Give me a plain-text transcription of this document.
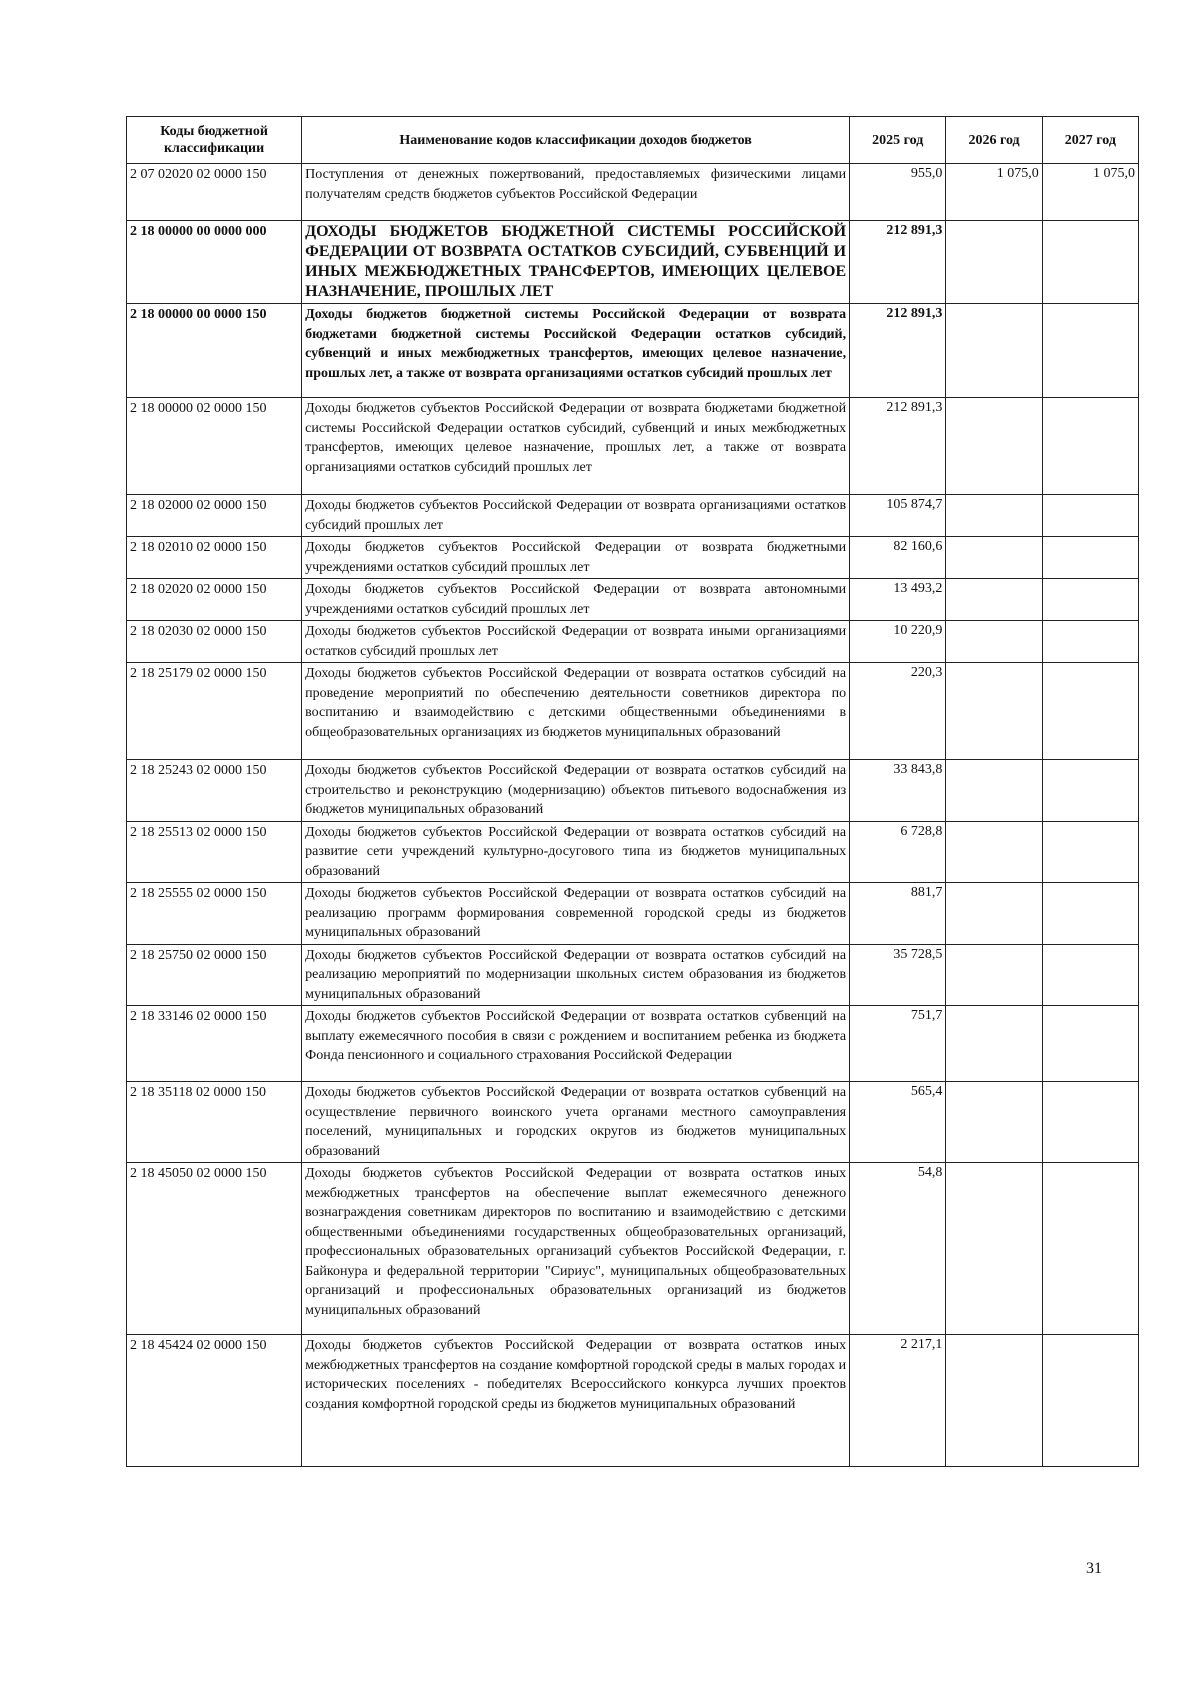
Коды бюджетной классификации	Наименование кодов классификации доходов бюджетов	2025 год	2026 год	2027 год
2 07 02020 02 0000 150	Поступления от денежных пожертвований, предоставляемых физическими лицами получателям средств бюджетов субъектов Российской Федерации	955,0	1 075,0	1 075,0
2 18 00000 00 0000 000	ДОХОДЫ БЮДЖЕТОВ БЮДЖЕТНОЙ СИСТЕМЫ РОССИЙСКОЙ ФЕДЕРАЦИИ ОТ ВОЗВРАТА ОСТАТКОВ СУБСИДИЙ, СУБВЕНЦИЙ И ИНЫХ МЕЖБЮДЖЕТНЫХ ТРАНСФЕРТОВ, ИМЕЮЩИХ ЦЕЛЕВОЕ НАЗНАЧЕНИЕ, ПРОШЛЫХ ЛЕТ	212 891,3		
2 18 00000 00 0000 150	Доходы бюджетов бюджетной системы Российской Федерации от возврата бюджетами бюджетной системы Российской Федерации остатков субсидий, субвенций и иных межбюджетных трансфертов, имеющих целевое назначение, прошлых лет, а также от возврата организациями остатков субсидий прошлых лет	212 891,3		
2 18 00000 02 0000 150	Доходы бюджетов субъектов Российской Федерации от возврата бюджетами бюджетной системы Российской Федерации остатков субсидий, субвенций и иных межбюджетных трансфертов, имеющих целевое назначение, прошлых лет, а также от возврата организациями остатков субсидий прошлых лет	212 891,3		
2 18 02000 02 0000 150	Доходы бюджетов субъектов Российской Федерации от возврата организациями остатков субсидий прошлых лет	105 874,7		
2 18 02010 02 0000 150	Доходы бюджетов субъектов Российской Федерации от возврата бюджетными учреждениями остатков субсидий прошлых лет	82 160,6		
2 18 02020 02 0000 150	Доходы бюджетов субъектов Российской Федерации от возврата автономными учреждениями остатков субсидий прошлых лет	13 493,2		
2 18 02030 02 0000 150	Доходы бюджетов субъектов Российской Федерации от возврата иными организациями остатков субсидий прошлых лет	10 220,9		
2 18 25179 02 0000 150	Доходы бюджетов субъектов Российской Федерации от возврата остатков субсидий на проведение мероприятий по обеспечению деятельности советников директора по воспитанию и взаимодействию с детскими общественными объединениями в общеобразовательных организациях из бюджетов муниципальных образований	220,3		
2 18 25243 02 0000 150	Доходы бюджетов субъектов Российской Федерации от возврата остатков субсидий на строительство и реконструкцию (модернизацию) объектов питьевого водоснабжения из бюджетов муниципальных образований	33 843,8		
2 18 25513 02 0000 150	Доходы бюджетов субъектов Российской Федерации от возврата остатков субсидий на развитие сети учреждений культурно-досугового типа из бюджетов муниципальных образований	6 728,8		
2 18 25555 02 0000 150	Доходы бюджетов субъектов Российской Федерации от возврата остатков субсидий на реализацию программ формирования современной городской среды из бюджетов муниципальных образований	881,7		
2 18 25750 02 0000 150	Доходы бюджетов субъектов Российской Федерации от возврата остатков субсидий на реализацию мероприятий по модернизации школьных систем образования из бюджетов муниципальных образований	35 728,5		
2 18 33146 02 0000 150	Доходы бюджетов субъектов Российской Федерации от возврата остатков субвенций на выплату ежемесячного пособия в связи с рождением и воспитанием ребенка из бюджета Фонда пенсионного и социального страхования Российской Федерации	751,7		
2 18 35118 02 0000 150	Доходы бюджетов субъектов Российской Федерации от возврата остатков субвенций на осуществление первичного воинского учета органами местного самоуправления поселений, муниципальных и городских округов из бюджетов муниципальных образований	565,4		
2 18 45050 02 0000 150	Доходы бюджетов субъектов Российской Федерации от возврата остатков иных межбюджетных трансфертов на обеспечение выплат ежемесячного денежного вознаграждения советникам директоров по воспитанию и взаимодействию с детскими общественными объединениями государственных общеобразовательных организаций, профессиональных образовательных организаций субъектов Российской Федерации, г. Байконура и федеральной территории "Сириус", муниципальных общеобразовательных организаций и профессиональных образовательных организаций из бюджетов муниципальных образований	54,8		
2 18 45424 02 0000 150	Доходы бюджетов субъектов Российской Федерации от возврата остатков иных межбюджетных трансфертов на создание комфортной городской среды в малых городах и исторических поселениях - победителях Всероссийского конкурса лучших проектов создания комфортной городской среды из бюджетов муниципальных образований	2 217,1		
31
